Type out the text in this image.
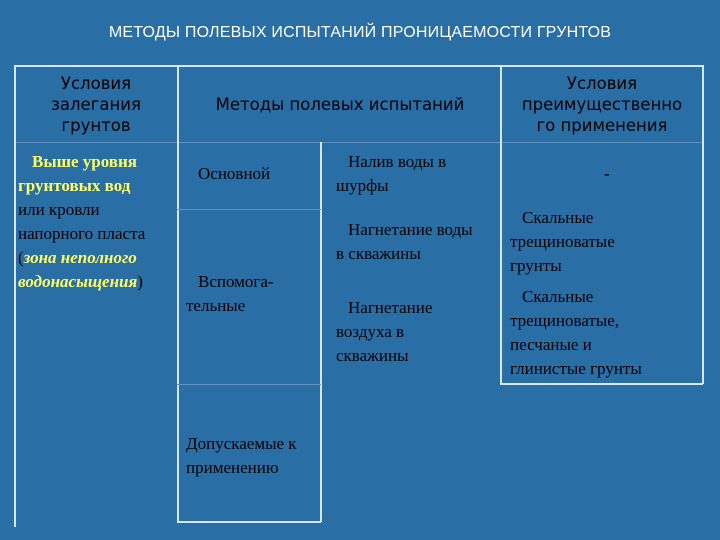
МЕТОДЫ ПОЛЕВЫХ ИСПЫТАНИЙ ПРОНИЦАЕМОСТИ ГРУНТОВ
Условия
залегания
грунтов
Методы полевых испытаний
Условия
преимущественно
го применения
Выше уровня
грунтовых вод
или кровли
напорного пласта
(зона неполного
водонасыщения)
Основной
Вспомога-
тельные
Допускаемые к
применению
Налив воды в
шурфы
Нагнетание воды
в скважины
Нагнетание
воздуха в
скважины
-
Скальные
трещиноватые
грунты
Скальные
трещиноватые,
песчаные и
глинистые грунты
